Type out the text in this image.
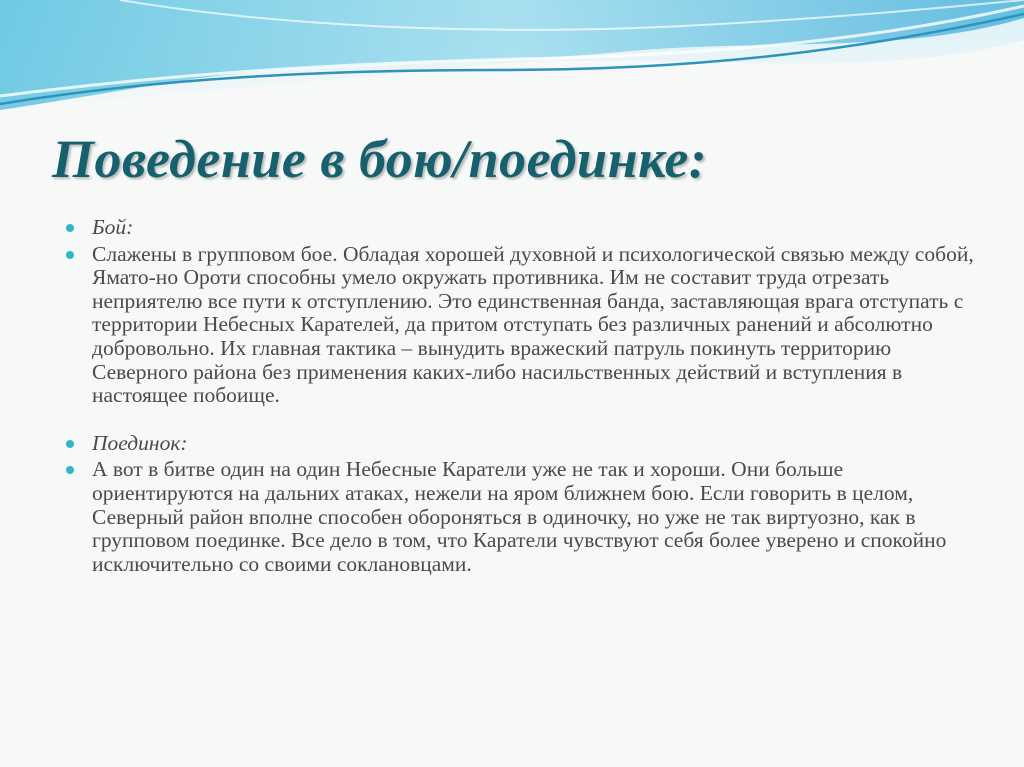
Поведение в бою/поединке:
Бой:
Слажены в групповом бое. Обладая хорошей духовной и психологической связью между собой, Ямато-но Ороти способны умело окружать противника. Им не составит труда отрезать неприятелю все пути к отступлению. Это единственная банда, заставляющая врага отступать с территории Небесных Карателей, да притом отступать без различных ранений и абсолютно добровольно. Их главная тактика – вынудить вражеский патруль покинуть территорию Северного района без применения каких-либо насильственных действий и вступления в настоящее побоище.
Поединок:
А вот в битве один на один Небесные Каратели уже не так и хороши. Они больше ориентируются на дальних атаках, нежели на яром ближнем бою. Если говорить в целом, Северный район вполне способен обороняться в одиночку, но уже не так виртуозно, как в групповом поединке. Все дело в том, что Каратели чувствуют себя более уверено и спокойно исключительно со своими соклановцами.
